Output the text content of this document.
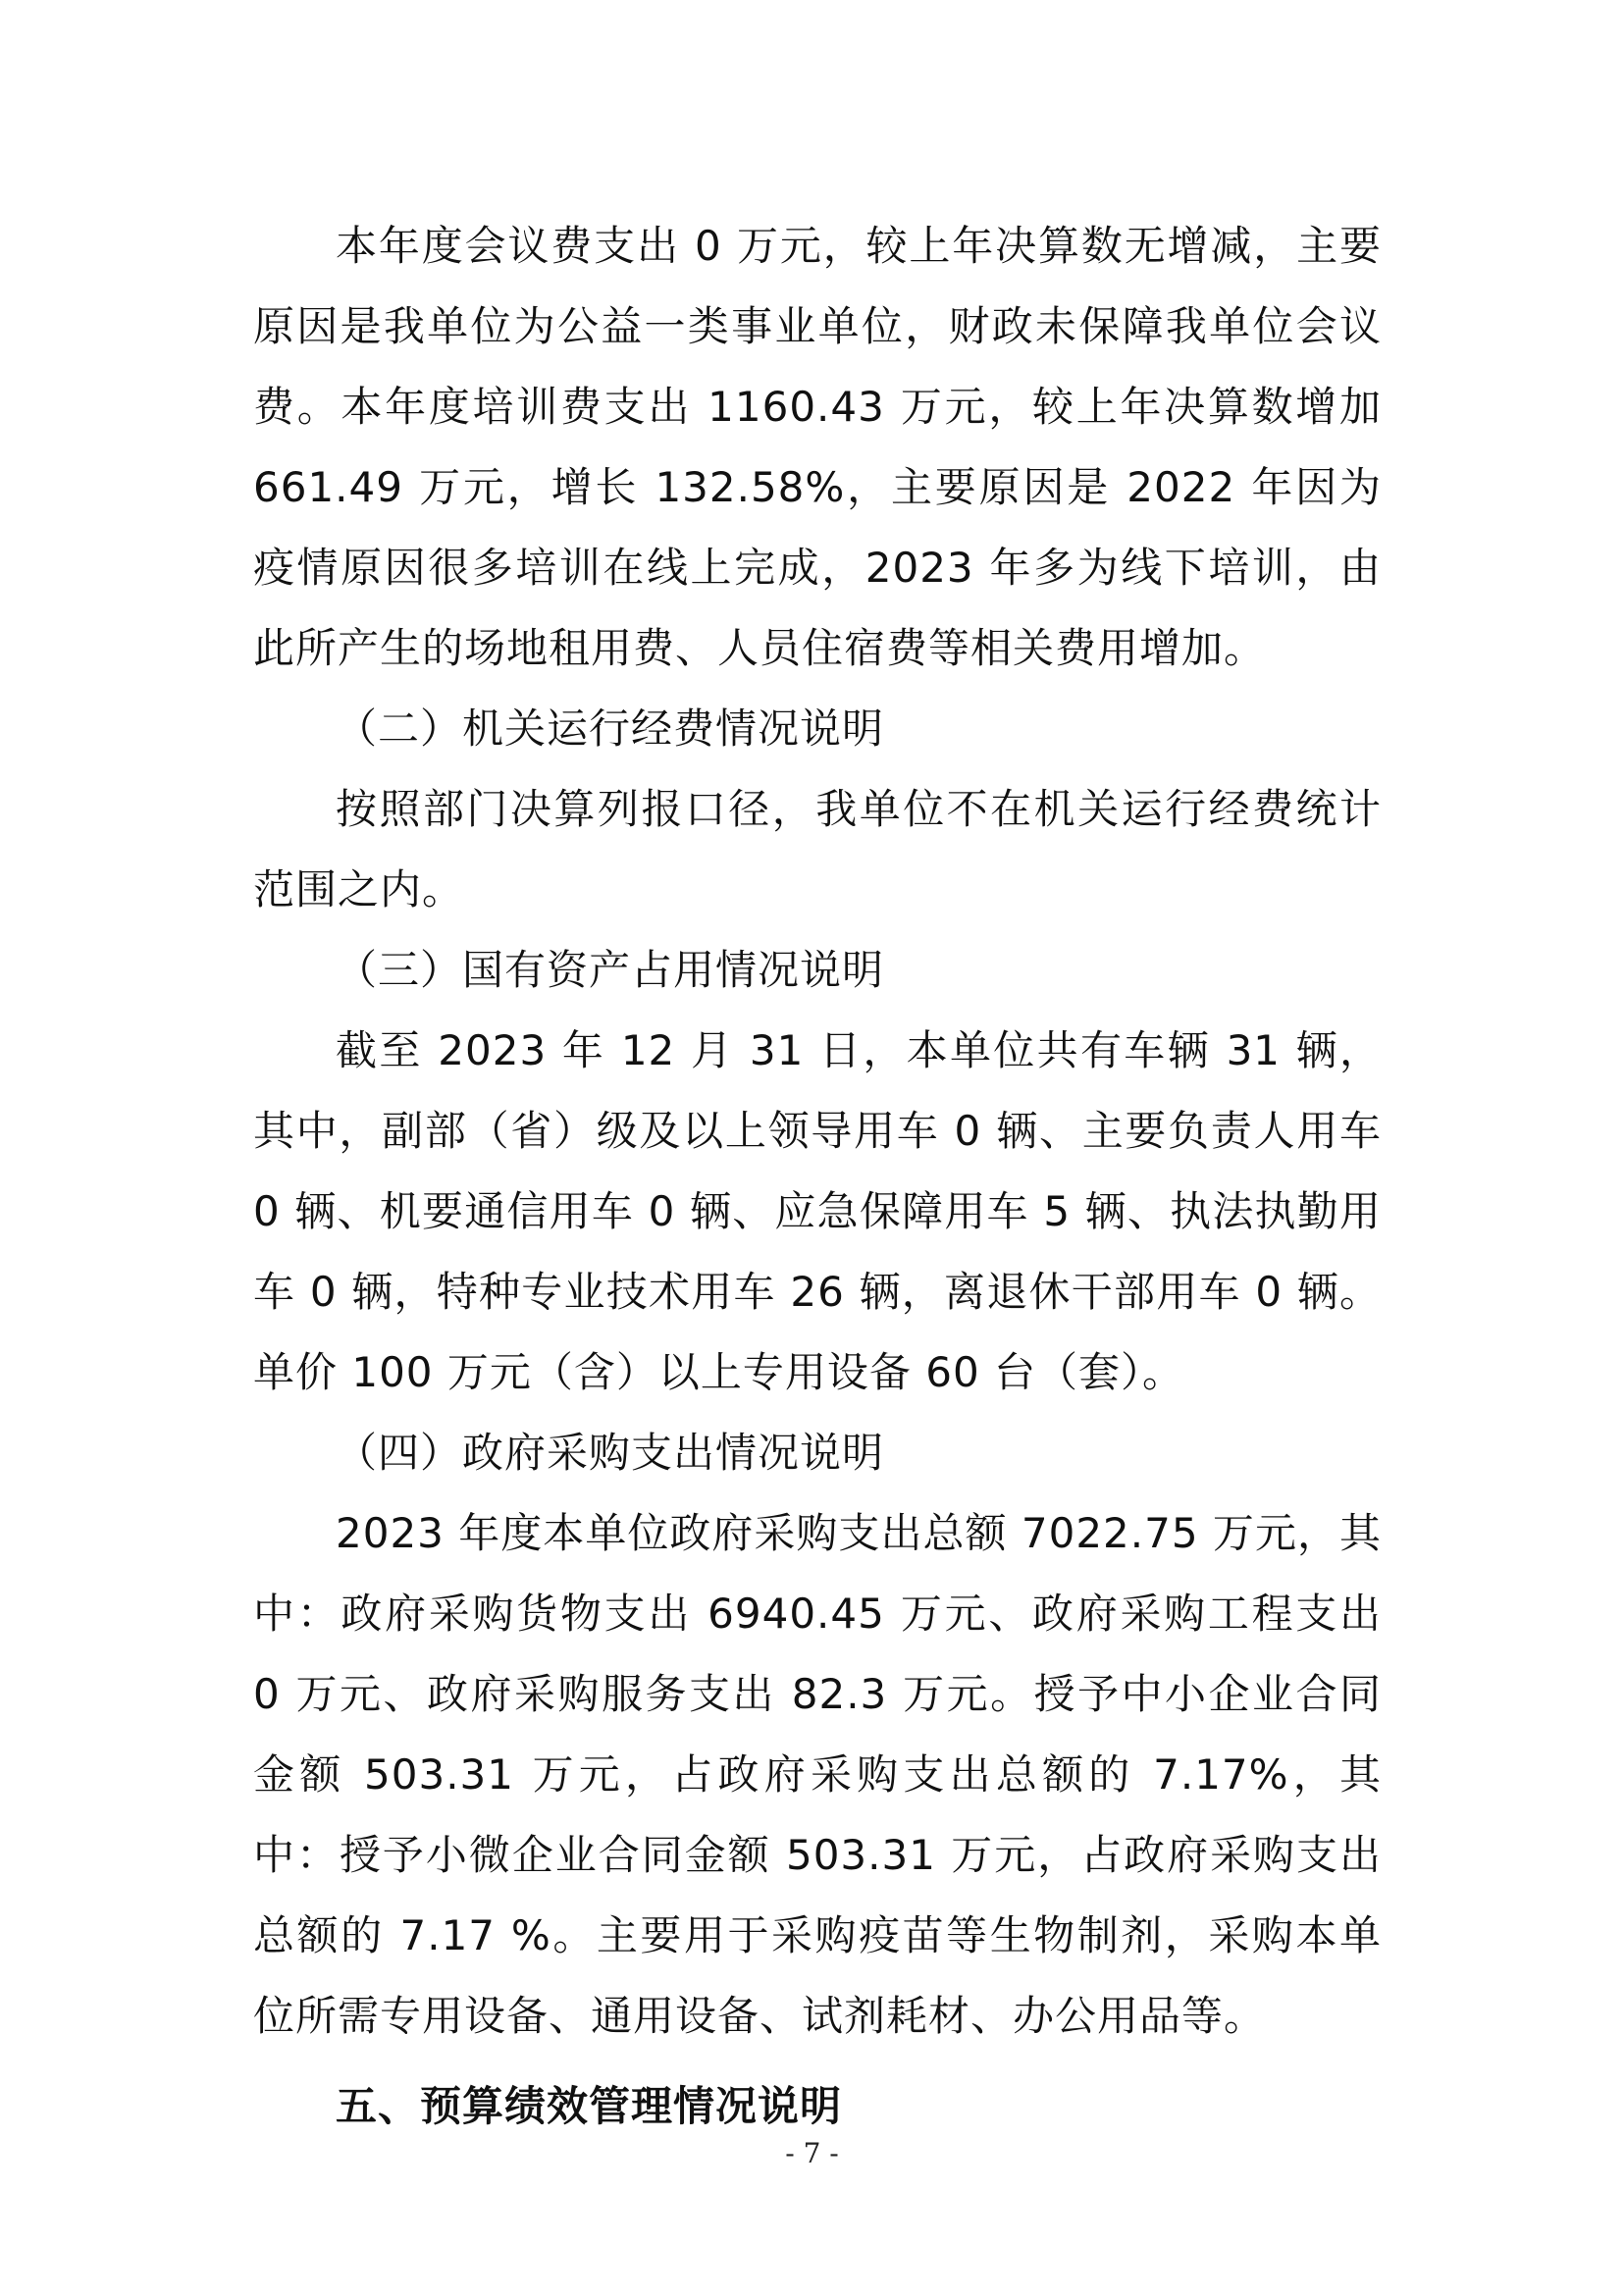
本年度会议费支出 0 万元，较上年决算数无增减，主要原因是我单位为公益一类事业单位，财政未保障我单位会议费。本年度培训费支出 1160.43 万元，较上年决算数增加 661.49 万元，增长 132.58%，主要原因是 2022 年因为疫情原因很多培训在线上完成，2023 年多为线下培训，由此所产生的场地租用费、人员住宿费等相关费用增加。

（二）机关运行经费情况说明

按照部门决算列报口径，我单位不在机关运行经费统计范围之内。

（三）国有资产占用情况说明

截至 2023 年 12 月 31 日，本单位共有车辆 31 辆，其中，副部（省）级及以上领导用车 0 辆、主要负责人用车 0 辆、机要通信用车 0 辆、应急保障用车 5 辆、执法执勤用车 0 辆，特种专业技术用车 26 辆，离退休干部用车 0 辆。单价 100 万元（含）以上专用设备 60 台（套）。

（四）政府采购支出情况说明

2023 年度本单位政府采购支出总额 7022.75 万元，其中：政府采购货物支出 6940.45 万元、政府采购工程支出 0 万元、政府采购服务支出 82.3 万元。授予中小企业合同金额 503.31 万元，占政府采购支出总额的 7.17%，其中：授予小微企业合同金额 503.31 万元，占政府采购支出总额的 7.17 %。主要用于采购疫苗等生物制剂，采购本单位所需专用设备、通用设备、试剂耗材、办公用品等。

五、预算绩效管理情况说明

- 7 -
